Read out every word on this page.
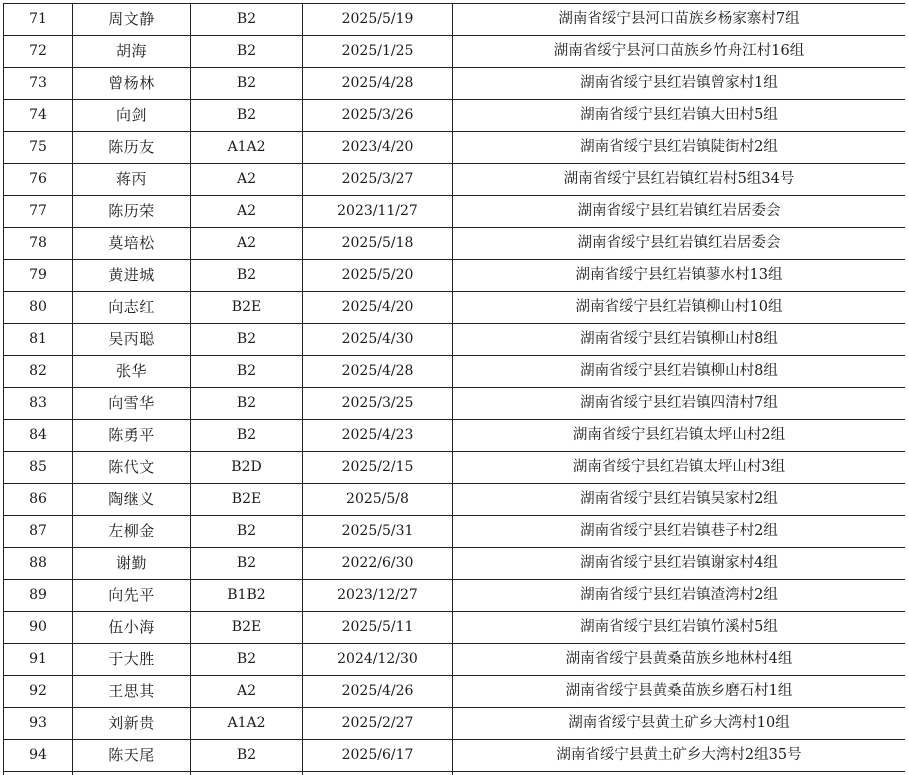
71	周文静	B2	2025/5/19	湖南省绥宁县河口苗族乡杨家寨村7组
72	胡海	B2	2025/1/25	湖南省绥宁县河口苗族乡竹舟江村16组
73	曾杨林	B2	2025/4/28	湖南省绥宁县红岩镇曾家村1组
74	向剑	B2	2025/3/26	湖南省绥宁县红岩镇大田村5组
75	陈历友	A1A2	2023/4/20	湖南省绥宁县红岩镇陡街村2组
76	蒋丙	A2	2025/3/27	湖南省绥宁县红岩镇红岩村5组34号
77	陈历荣	A2	2023/11/27	湖南省绥宁县红岩镇红岩居委会
78	莫培松	A2	2025/5/18	湖南省绥宁县红岩镇红岩居委会
79	黄进城	B2	2025/5/20	湖南省绥宁县红岩镇蓼水村13组
80	向志红	B2E	2025/4/20	湖南省绥宁县红岩镇柳山村10组
81	吴丙聪	B2	2025/4/30	湖南省绥宁县红岩镇柳山村8组
82	张华	B2	2025/4/28	湖南省绥宁县红岩镇柳山村8组
83	向雪华	B2	2025/3/25	湖南省绥宁县红岩镇四清村7组
84	陈勇平	B2	2025/4/23	湖南省绥宁县红岩镇太坪山村2组
85	陈代文	B2D	2025/2/15	湖南省绥宁县红岩镇太坪山村3组
86	陶继义	B2E	2025/5/8	湖南省绥宁县红岩镇吴家村2组
87	左柳金	B2	2025/5/31	湖南省绥宁县红岩镇巷子村2组
88	谢勤	B2	2022/6/30	湖南省绥宁县红岩镇谢家村4组
89	向先平	B1B2	2023/12/27	湖南省绥宁县红岩镇渣湾村2组
90	伍小海	B2E	2025/5/11	湖南省绥宁县红岩镇竹溪村5组
91	于大胜	B2	2024/12/30	湖南省绥宁县黄桑苗族乡地林村4组
92	王思其	A2	2025/4/26	湖南省绥宁县黄桑苗族乡磨石村1组
93	刘新贵	A1A2	2025/2/27	湖南省绥宁县黄土矿乡大湾村10组
94	陈天尾	B2	2025/6/17	湖南省绥宁县黄土矿乡大湾村2组35号
